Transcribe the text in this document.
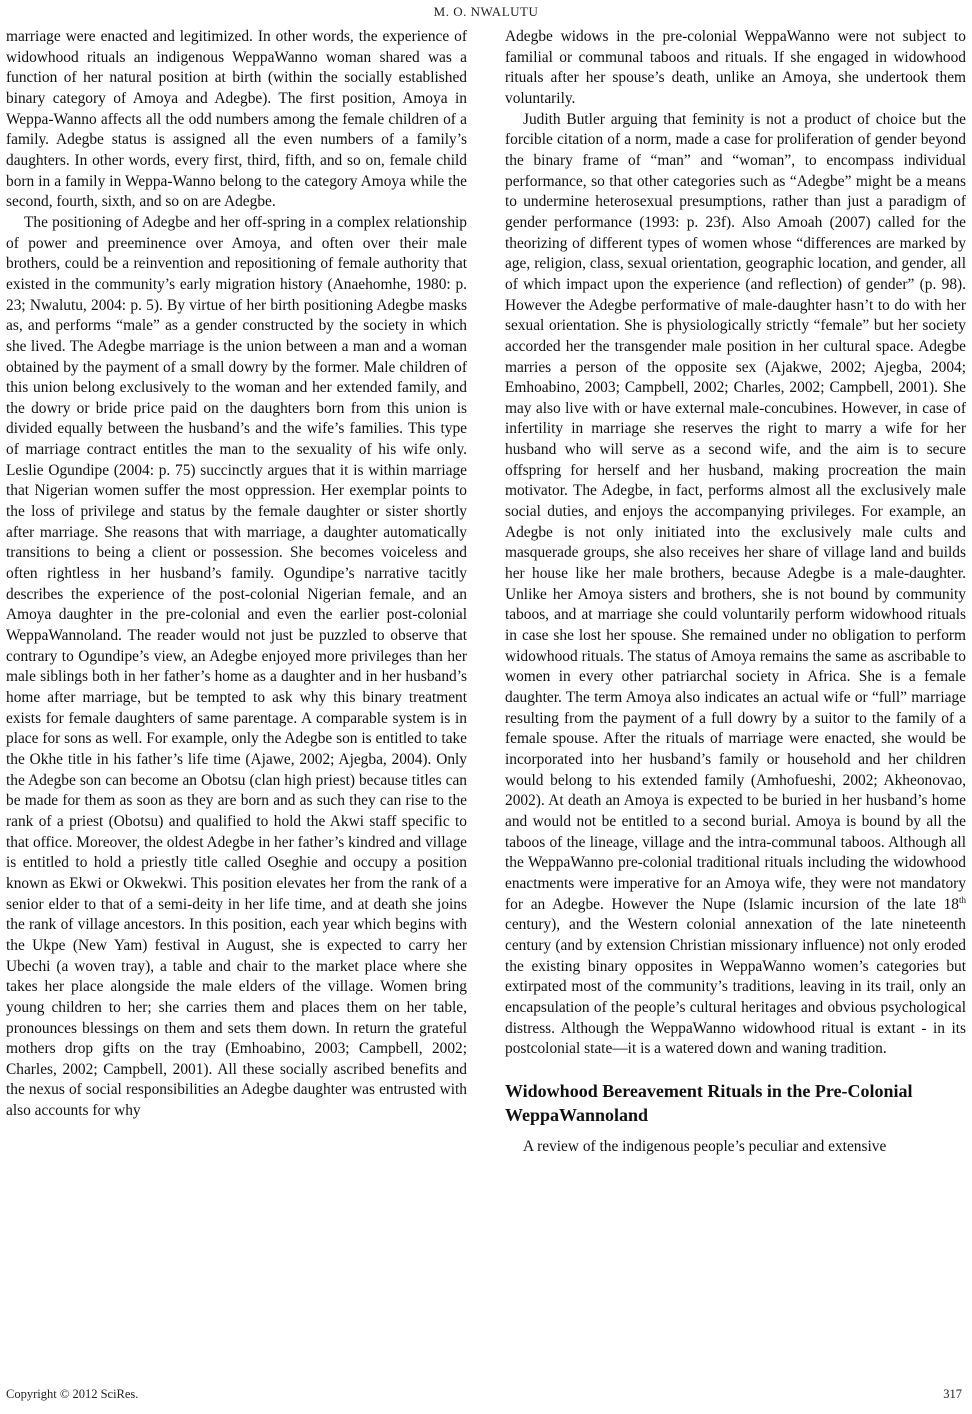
M. O. NWALUTU

marriage were enacted and legitimized. In other words, the experience of widowhood rituals an indigenous WeppaWanno woman shared was a function of her natural position at birth (within the socially established binary category of Amoya and Adegbe). The first position, Amoya in Weppa-Wanno affects all the odd numbers among the female children of a family. Adegbe status is assigned all the even numbers of a family’s daughters. In other words, every first, third, fifth, and so on, female child born in a family in Weppa-Wanno belong to the category Amoya while the second, fourth, sixth, and so on are Adegbe.

The positioning of Adegbe and her off-spring in a complex relationship of power and preeminence over Amoya, and often over their male brothers, could be a reinvention and repositioning of female authority that existed in the community’s early migration history (Anaehomhe, 1980: p. 23; Nwalutu, 2004: p. 5). By virtue of her birth positioning Adegbe masks as, and performs “male” as a gender constructed by the society in which she lived. The Adegbe marriage is the union between a man and a woman obtained by the payment of a small dowry by the former. Male children of this union belong exclusively to the woman and her extended family, and the dowry or bride price paid on the daughters born from this union is divided equally between the husband’s and the wife’s families. This type of marriage contract entitles the man to the sexuality of his wife only. Leslie Ogundipe (2004: p. 75) succinctly argues that it is within marriage that Nigerian women suffer the most oppression. Her exemplar points to the loss of privilege and status by the female daughter or sister shortly after marriage. She reasons that with marriage, a daughter automatically transitions to being a client or possession. She becomes voiceless and often rightless in her husband’s family. Ogundipe’s narrative tacitly describes the experience of the post-colonial Nigerian female, and an Amoya daughter in the pre-colonial and even the earlier post-colonial WeppaWannoland. The reader would not just be puzzled to observe that contrary to Ogundipe’s view, an Adegbe enjoyed more privileges than her male siblings both in her father’s home as a daughter and in her husband’s home after marriage, but be tempted to ask why this binary treatment exists for female daughters of same parentage. A comparable system is in place for sons as well. For example, only the Adegbe son is entitled to take the Okhe title in his father’s life time (Ajawe, 2002; Ajegba, 2004). Only the Adegbe son can become an Obotsu (clan high priest) because titles can be made for them as soon as they are born and as such they can rise to the rank of a priest (Obotsu) and qualified to hold the Akwi staff specific to that office. Moreover, the oldest Adegbe in her father’s kindred and village is entitled to hold a priestly title called Oseghie and occupy a position known as Ekwi or Okwekwi. This position elevates her from the rank of a senior elder to that of a semi-deity in her life time, and at death she joins the rank of village ancestors. In this position, each year which begins with the Ukpe (New Yam) festival in August, she is expected to carry her Ubechi (a woven tray), a table and chair to the market place where she takes her place alongside the male elders of the village. Women bring young children to her; she carries them and places them on her table, pronounces blessings on them and sets them down. In return the grateful mothers drop gifts on the tray (Emhoabino, 2003; Campbell, 2002; Charles, 2002; Campbell, 2001). All these socially ascribed benefits and the nexus of social responsibilities an Adegbe daughter was entrusted with also accounts for why

Adegbe widows in the pre-colonial WeppaWanno were not subject to familial or communal taboos and rituals. If she engaged in widowhood rituals after her spouse’s death, unlike an Amoya, she undertook them voluntarily.

Judith Butler arguing that feminity is not a product of choice but the forcible citation of a norm, made a case for proliferation of gender beyond the binary frame of “man” and “woman”, to encompass individual performance, so that other categories such as “Adegbe” might be a means to undermine heterosexual presumptions, rather than just a paradigm of gender performance (1993: p. 23f). Also Amoah (2007) called for the theorizing of different types of women whose “differences are marked by age, religion, class, sexual orientation, geographic location, and gender, all of which impact upon the experience (and reflection) of gender” (p. 98). However the Adegbe performative of male-daughter hasn’t to do with her sexual orientation. She is physiologically strictly “female” but her society accorded her the transgender male position in her cultural space. Adegbe marries a person of the opposite sex (Ajakwe, 2002; Ajegba, 2004; Emhoabino, 2003; Campbell, 2002; Charles, 2002; Campbell, 2001). She may also live with or have external male-concubines. However, in case of infertility in marriage she reserves the right to marry a wife for her husband who will serve as a second wife, and the aim is to secure offspring for herself and her husband, making procreation the main motivator. The Adegbe, in fact, performs almost all the exclusively male social duties, and enjoys the accompanying privileges. For example, an Adegbe is not only initiated into the exclusively male cults and masquerade groups, she also receives her share of village land and builds her house like her male brothers, because Adegbe is a male-daughter. Unlike her Amoya sisters and brothers, she is not bound by community taboos, and at marriage she could voluntarily perform widowhood rituals in case she lost her spouse. She remained under no obligation to perform widowhood rituals. The status of Amoya remains the same as ascribable to women in every other patriarchal society in Africa. She is a female daughter. The term Amoya also indicates an actual wife or “full” marriage resulting from the payment of a full dowry by a suitor to the family of a female spouse. After the rituals of marriage were enacted, she would be incorporated into her husband’s family or household and her children would belong to his extended family (Amhofueshi, 2002; Akheonovao, 2002). At death an Amoya is expected to be buried in her husband’s home and would not be entitled to a second burial. Amoya is bound by all the taboos of the lineage, village and the intra-communal taboos. Although all the WeppaWanno pre-colonial traditional rituals including the widowhood enactments were imperative for an Amoya wife, they were not mandatory for an Adegbe. However the Nupe (Islamic incursion of the late 18th century), and the Western colonial annexation of the late nineteenth century (and by extension Christian missionary influence) not only eroded the existing binary opposites in WeppaWanno women’s categories but extirpated most of the community’s traditions, leaving in its trail, only an encapsulation of the people’s cultural heritages and obvious psychological distress. Although the WeppaWanno widowhood ritual is extant - in its postcolonial state—it is a watered down and waning tradition.

Widowhood Bereavement Rituals in the Pre-Colonial WeppaWannoland

A review of the indigenous people’s peculiar and extensive

Copyright © 2012 SciRes.	317
